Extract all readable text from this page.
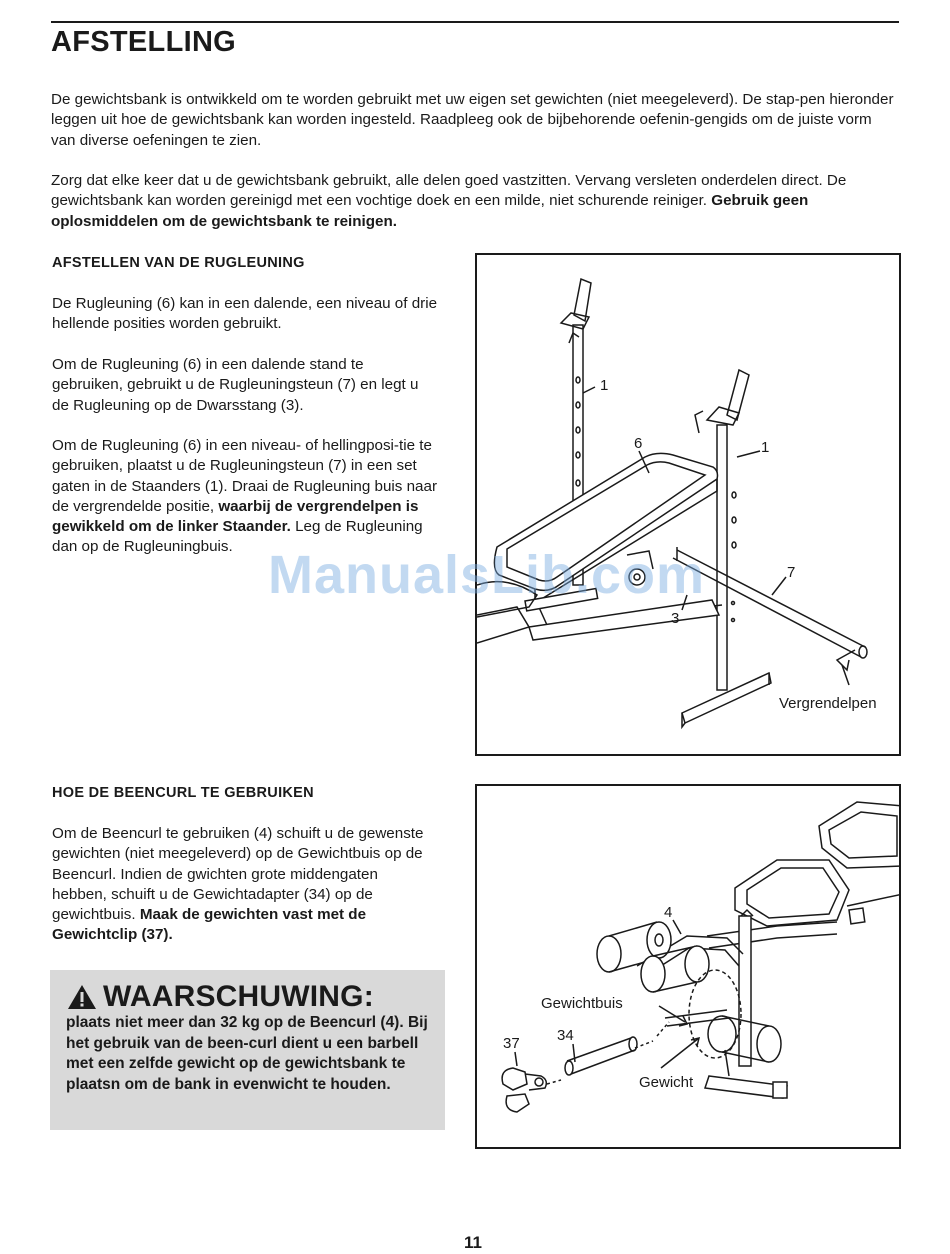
AFSTELLING

De gewichtsbank is ontwikkeld om te worden gebruikt met uw eigen set gewichten (niet meegeleverd). De stap-pen hieronder leggen uit hoe de gewichtsbank kan worden ingesteld. Raadpleeg ook de bijbehorende oefenin-gengids om de juiste vorm van diverse oefeningen te zien.

Zorg dat elke keer dat u de gewichtsbank gebruikt, alle delen goed vastzitten. Vervang versleten onderdelen direct. De gewichtsbank kan worden gereinigd met een vochtige doek en een milde, niet schurende reiniger. Gebruik geen oplosmiddelen om de gewichtsbank te reinigen.

AFSTELLEN VAN DE RUGLEUNING

De Rugleuning (6) kan in een dalende, een niveau of drie hellende posities worden gebruikt.

Om de Rugleuning (6) in een dalende stand te gebruiken, gebruikt u de Rugleuningsteun (7) en legt u de Rugleuning op de Dwarsstang (3).

Om de Rugleuning (6) in een niveau- of hellingposi-tie te gebruiken, plaatst u de Rugleuningsteun (7) in een set gaten in de Staanders (1). Draai de Rugleuning buis naar de vergrendelde positie, waarbij de vergrendelpen is gewikkeld om de linker Staander. Leg de Rugleuning dan op de Rugleuningbuis.

1
6	1
7
3
Vergrendelpen
HOE DE BEENCURL TE GEBRUIKEN

Om de Beencurl te gebruiken (4) schuift u de gewenste gewichten (niet meegeleverd) op de Gewichtbuis op de Beencurl. Indien de gwichten grote middengaten hebben, schuift u de Gewichtadapter (34) op de gewichtbuis. Maak de gewichten vast met de Gewichtclip (37).

4
Gewichtbuis
34
37
Gewicht
WAARSCHUWING:

plaats niet meer dan 32 kg op de Beencurl (4). Bij het gebruik van de been-curl dient u een barbell met een zelfde gewicht op de gewichtsbank te plaatsn om de bank in evenwicht te houden.

ManualsLib.com
11
